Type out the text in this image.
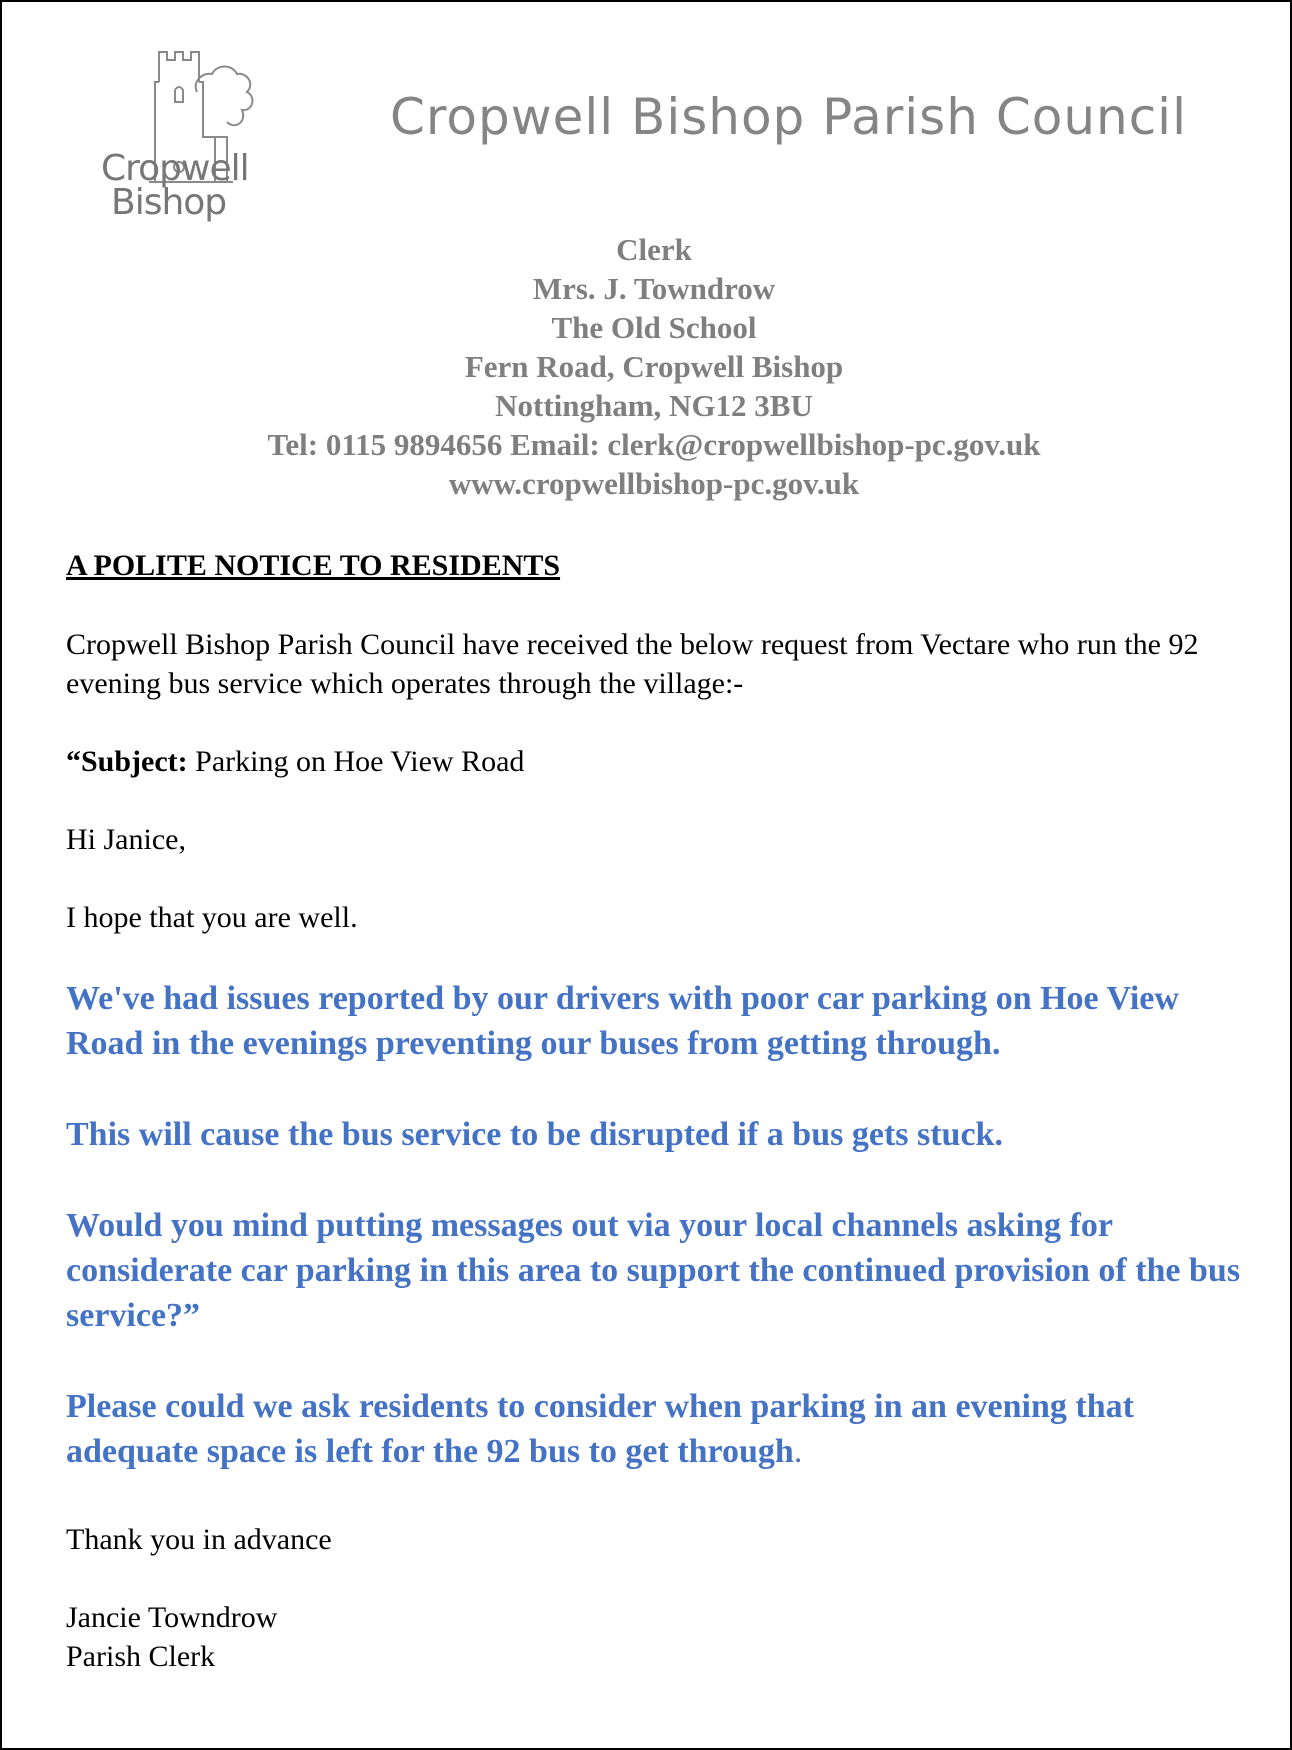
Cropwell
Bishop
Cropwell Bishop Parish Council
Clerk
Mrs. J. Towndrow
The Old School
Fern Road, Cropwell Bishop
Nottingham, NG12 3BU
Tel: 0115 9894656 Email: clerk@cropwellbishop-pc.gov.uk
www.cropwellbishop-pc.gov.uk
A POLITE NOTICE TO RESIDENTS
Cropwell Bishop Parish Council have received the below request from Vectare who run the 92 evening bus service which operates through the village:-
“Subject: Parking on Hoe View Road
Hi Janice,
I hope that you are well.
We've had issues reported by our drivers with poor car parking on Hoe View Road in the evenings preventing our buses from getting through.
This will cause the bus service to be disrupted if a bus gets stuck.
Would you mind putting messages out via your local channels asking for considerate car parking in this area to support the continued provision of the bus service?”
Please could we ask residents to consider when parking in an evening that adequate space is left for the 92 bus to get through.
Thank you in advance
Jancie Towndrow
Parish Clerk
